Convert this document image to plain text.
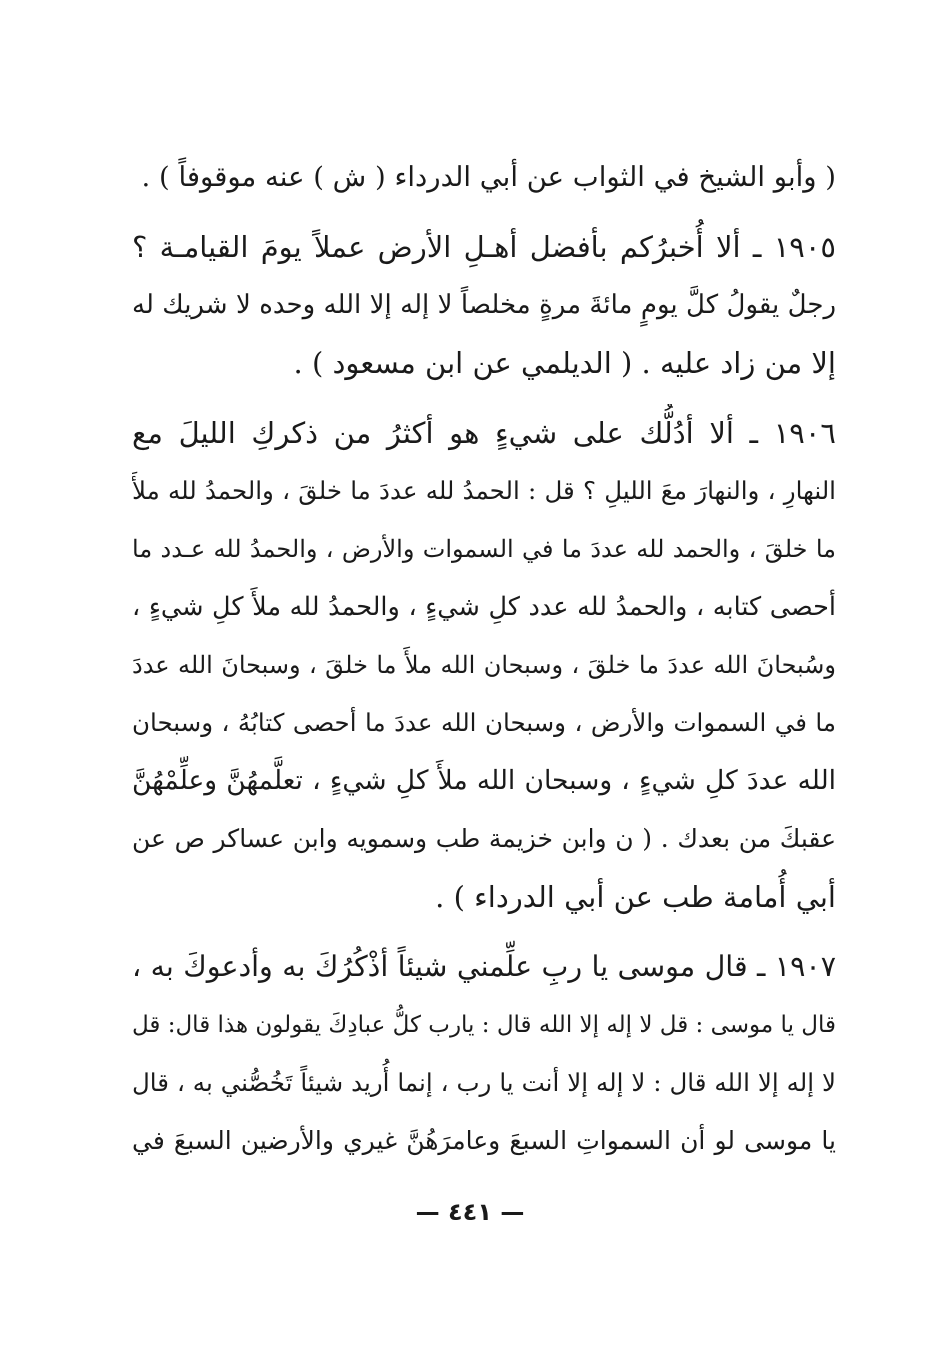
( وأبو الشيخ في الثواب عن أبي الدرداء ( ش ) عنه موقوفاً ) .
١٩٠٥ ـ ألا أُخبرُكم بأفضل أهـلِ الأرض عملاً يومَ القيامـة ؟
رجلٌ يقولُ كلَّ يومٍ مائةَ مرةٍ مخلصاً لا إله إلا الله وحده لا شريك له
إلا من زاد عليه . ( الديلمي عن ابن مسعود ) .
١٩٠٦ ـ ألا أدُلُّك على شيءٍ هو أكثرُ من ذكركِ الليلَ مع
النهارِ ، والنهارَ معَ الليلِ ؟ قل : الحمدُ لله عددَ ما خلقَ ، والحمدُ لله ملأَ
ما خلقَ ، والحمد لله عددَ ما في السموات والأرض ، والحمدُ لله عـدد ما
أحصى كتابه ، والحمدُ لله عدد كلِ شيءٍ ، والحمدُ لله ملأَ كلِ شيءٍ ،
وسُبحانَ الله عددَ ما خلقَ ، وسبحان الله ملأَ ما خلقَ ، وسبحانَ الله عددَ
ما في السموات والأرض ، وسبحان الله عددَ ما أحصى كتابُهُ ، وسبحان
الله عددَ كلِ شيءٍ ، وسبحان الله ملأَ كلِ شيءٍ ، تعلَّمهُنَّ وعلِّمْهُنَّ
عقبكَ من بعدك . ( ن وابن خزيمة طب وسمويه وابن عساكر ص عن
أبي أُمامة طب عن أبي الدرداء ) .
١٩٠٧ ـ قال موسى يا ربِ علِّمني شيئاً أذْكُرُكَ به وأدعوكَ به ،
قال يا موسى : قل لا إله إلا الله قال : يارب كلُّ عبادِكَ يقولون هذا قال: قل
لا إله إلا الله قال : لا إله إلا أنت يا رب ، إنما أُريد شيئاً تَخُصُّني به ، قال
يا موسى لو أن السمواتِ السبعَ وعامرَهُنَّ غيري والأرضين السبعَ في
— ٤٤١ —
